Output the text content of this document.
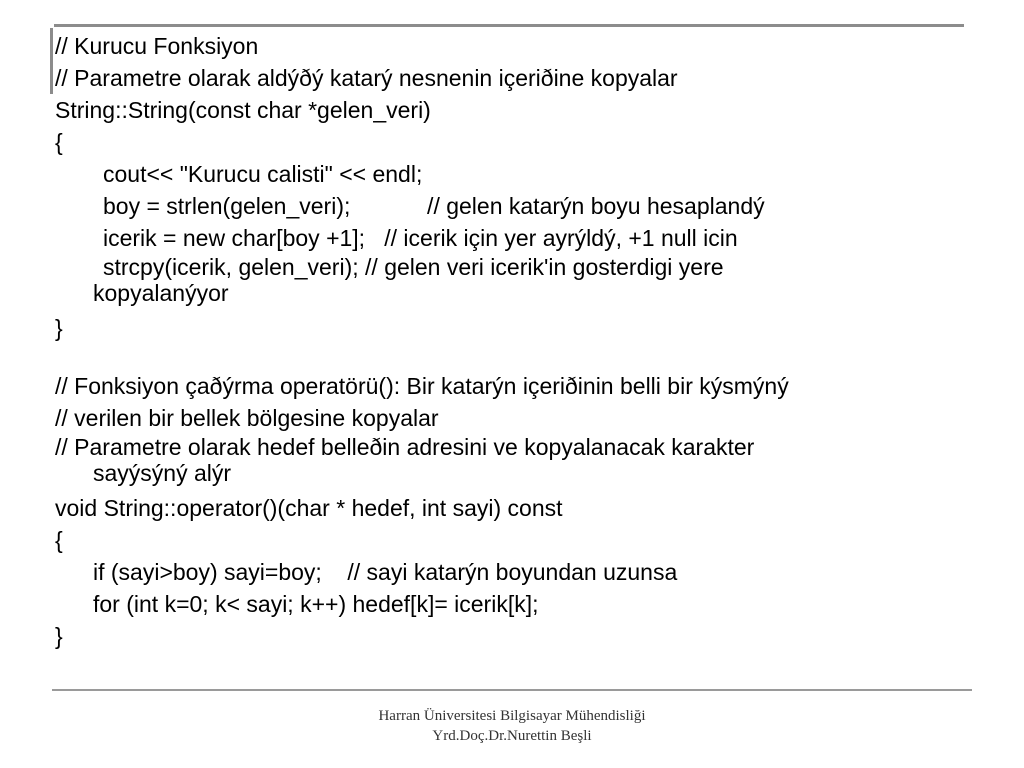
// Kurucu Fonksiyon
// Parametre olarak aldýðý katarý nesnenin içeriðine kopyalar
String::String(const char *gelen_veri)
{
cout<< "Kurucu calisti" << endl;
boy = strlen(gelen_veri);            // gelen katarýn boyu hesaplandý
icerik = new char[boy +1];   // icerik için yer ayrýldý, +1 null icin
strcpy(icerik, gelen_veri); // gelen veri icerik'in gosterdigi yere
kopyalanýyor
}
// Fonksiyon çaðýrma operatörü(): Bir katarýn içeriðinin belli bir kýsmýný
// verilen bir bellek bölgesine kopyalar
// Parametre olarak hedef belleðin adresini ve kopyalanacak karakter
sayýsýný alýr
void String::operator()(char * hedef, int sayi) const
{
if (sayi>boy) sayi=boy;    // sayi katarýn boyundan uzunsa
for (int k=0; k< sayi; k++) hedef[k]= icerik[k];
}
Harran Üniversitesi Bilgisayar Mühendisliği
Yrd.Doç.Dr.Nurettin Beşli
